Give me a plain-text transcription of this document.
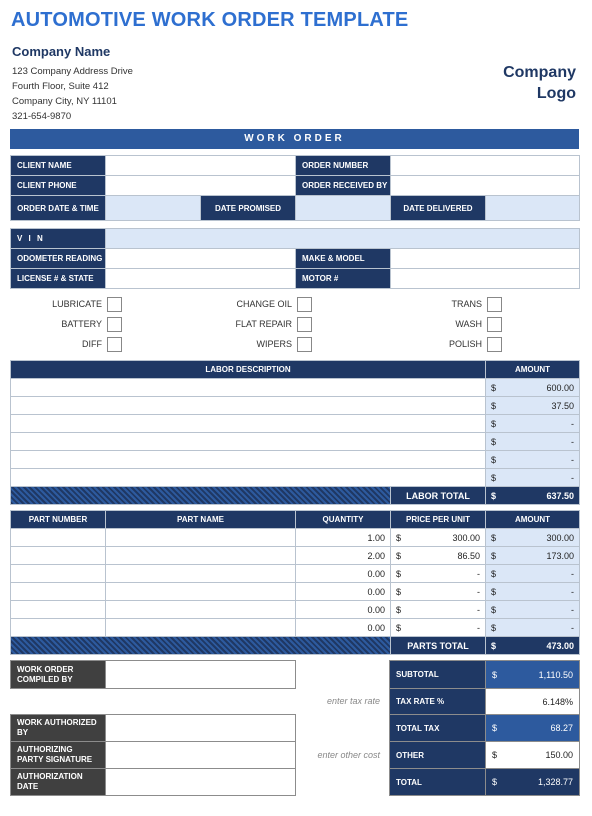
AUTOMOTIVE WORK ORDER TEMPLATE
Company Name
123 Company Address Drive
Fourth Floor, Suite 412
Company City, NY 11101
321-654-9870
Company
Logo
WORK ORDER
CLIENT NAME			ORDER NUMBER		
CLIENT PHONE			ORDER RECEIVED BY		
ORDER DATE & TIME		DATE PROMISED		DATE DELIVERED	
V I N			
ODOMETER READING		MAKE & MODEL	
LICENSE # & STATE		MOTOR #	
LUBRICATE
BATTERY
DIFF
CHANGE OIL
FLAT REPAIR
WIPERS
TRANS
WASH
POLISH
LABOR DESCRIPTION	AMOUNT

	$ 600.00

	$ 37.50

	$ -

	$ -

	$ -

	$ -
	LABOR TOTAL	$	637.50
PART NUMBER	PART NAME	QUANTITY	PRICE PER UNIT	AMOUNT
		1.00	$ 300.00	$ 300.00

		2.00	$ 86.50	$ 173.00

		0.00	$ -	$ -

		0.00	$ -	$ -

		0.00	$ -	$ -

		0.00	$ -	$ -
	PARTS TOTAL	$	473.00
WORK ORDER COMPILED BY	
WORK AUTHORIZED BY	
AUTHORIZING PARTY SIGNATURE	
AUTHORIZATION DATE	
enter tax rate
enter other cost
SUBTOTAL	$ 1,110.50

TAX RATE %	6.148%
TOTAL TAX	$ 68.27

OTHER	$ 150.00

TOTAL	$ 1,328.77
